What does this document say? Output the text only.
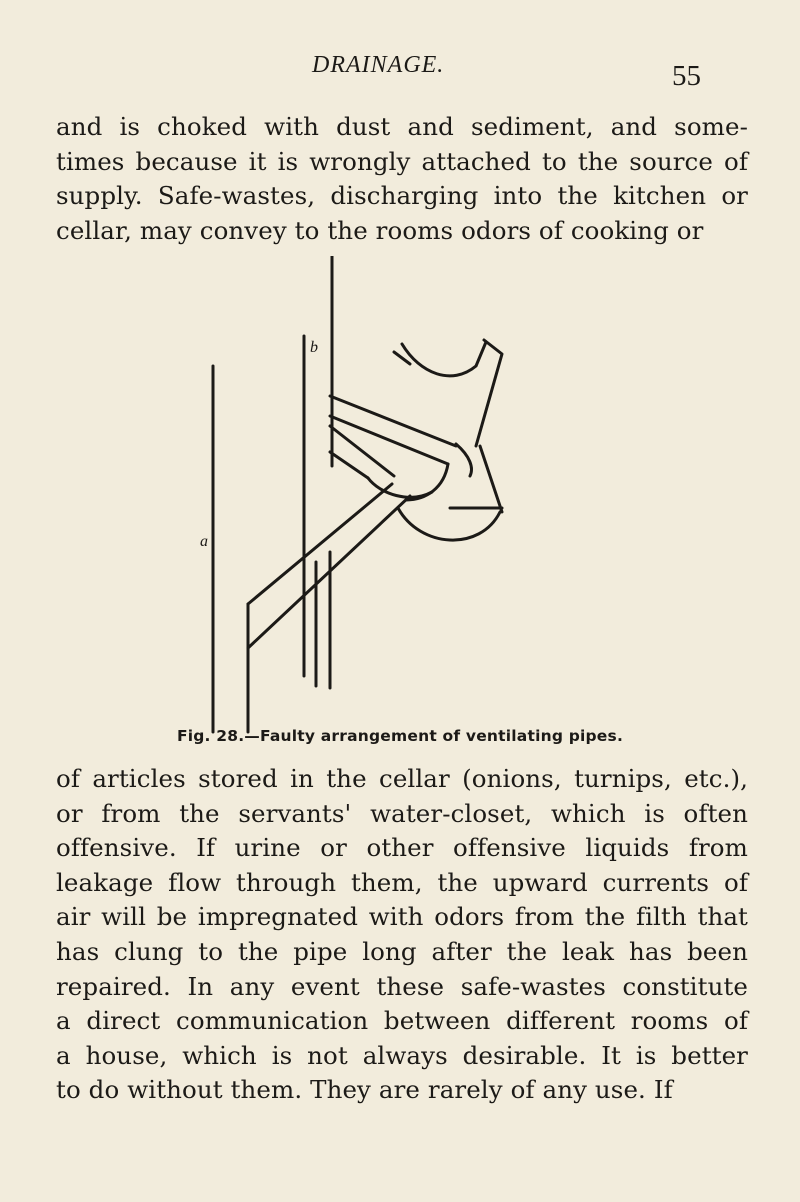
DRAINAGE.	55

and is choked with dust and sediment, and some-
times because it is wrongly attached to the source of
supply. Safe-wastes, discharging into the kitchen or
cellar, may convey to the rooms odors of cooking or

a
b
Fig. 28.—Faulty arrangement of ventilating pipes.

of articles stored in the cellar (onions, turnips, etc.),
or from the servants' water-closet, which is often
offensive. If urine or other offensive liquids from
leakage flow through them, the upward currents of
air will be impregnated with odors from the filth that
has clung to the pipe long after the leak has been
repaired. In any event these safe-wastes constitute
a direct communication between different rooms of
a house, which is not always desirable. It is better
to do without them. They are rarely of any use. If
